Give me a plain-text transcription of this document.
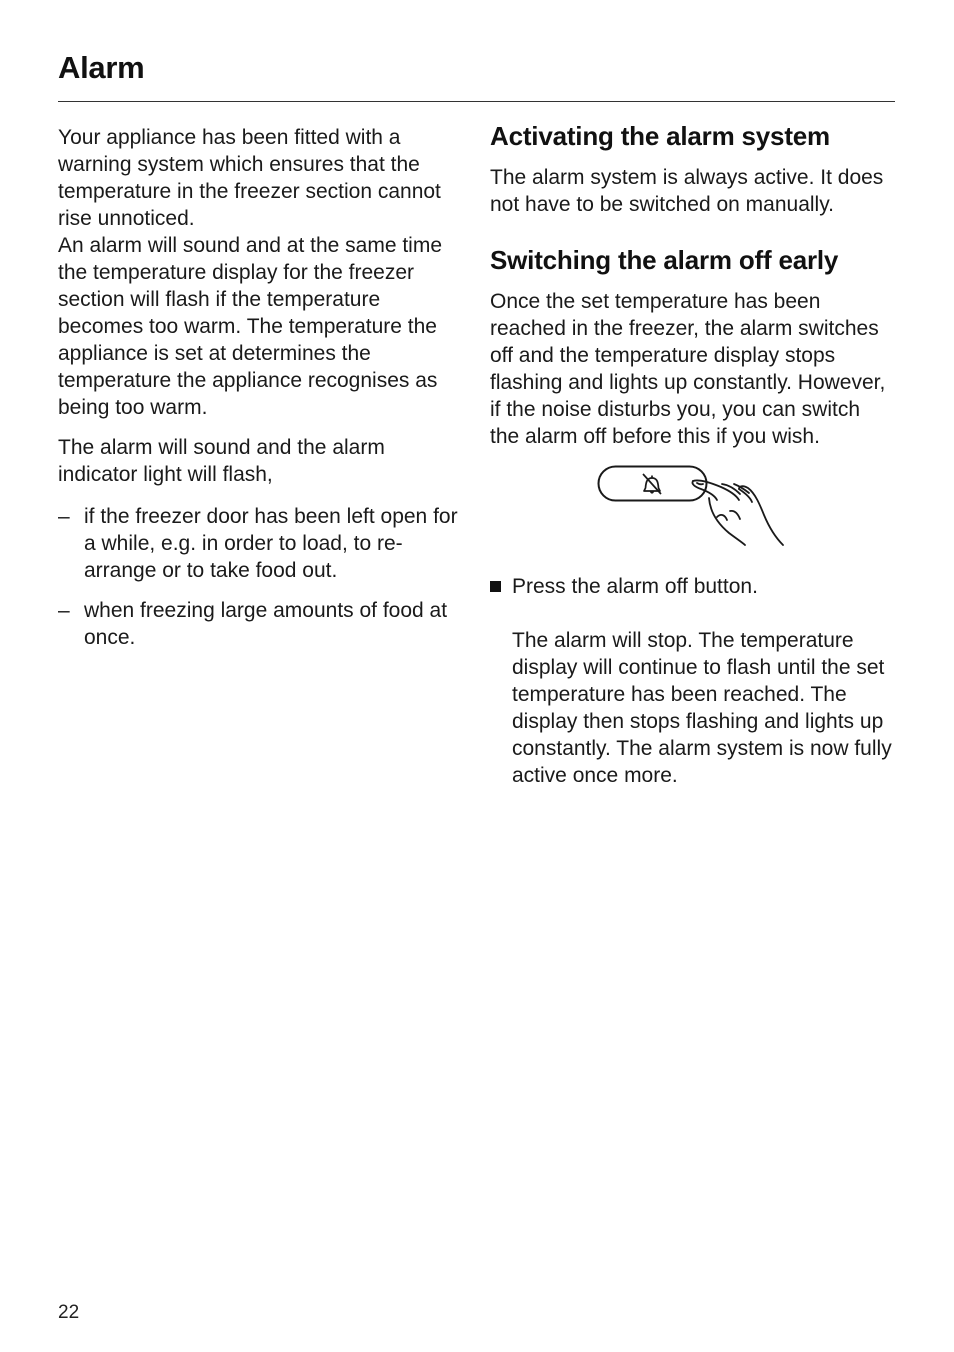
Alarm

Your appliance has been fitted with a warning system which ensures that the temperature in the freezer section cannot rise unnoticed.

An alarm will sound and at the same time the temperature display for the freezer section will flash if the temperature becomes too warm. The temperature the appliance is set at determines the temperature the appliance recognises as being too warm.

The alarm will sound and the alarm indicator light will flash,

– if the freezer door has been left open for a while, e.g. in order to load, to re-arrange or to take food out.
– when freezing large amounts of food at once.
Activating the alarm system

The alarm system is always active. It does not have to be switched on manually.

Switching the alarm off early

Once the set temperature has been reached in the freezer, the alarm switches off and the temperature display stops flashing and lights up constantly. However, if the noise disturbs you, you can switch the alarm off before this if you wish.

Press the alarm off button.

The alarm will stop. The temperature display will continue to flash until the set temperature has been reached. The display then stops flashing and lights up constantly. The alarm system is now fully active once more.

22
